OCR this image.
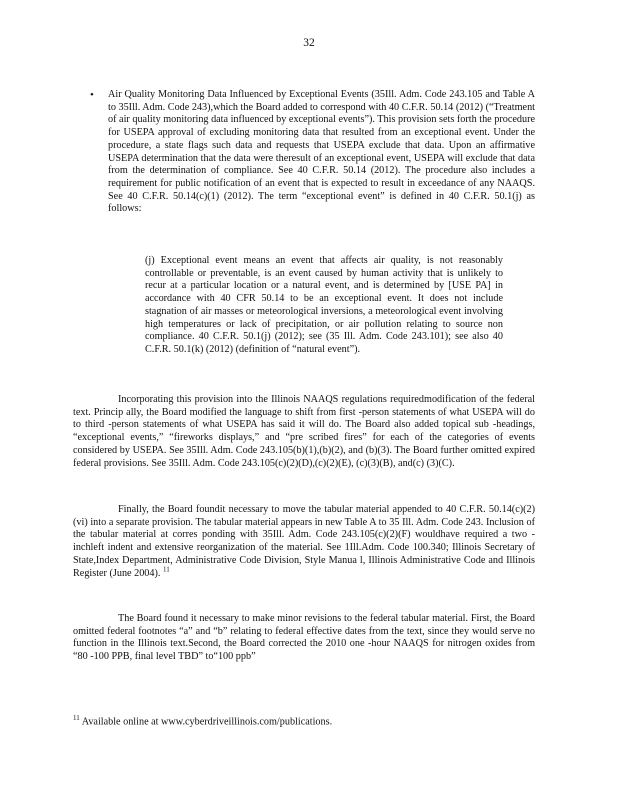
32
• Air Quality Monitoring Data Influenced by Exceptional Events (35Ill. Adm. Code 243.105 and Table A to 35Ill. Adm. Code 243),which the Board added to correspond with 40 C.F.R. 50.14 (2012) (“Treatment of air quality monitoring data influenced by exceptional events”). This provision sets forth the procedure for USEPA approval of excluding monitoring data that resulted from an exceptional event. Under the procedure, a state flags such data and requests that USEPA exclude that data. Upon an affirmative USEPA determination that the data were theresult of an exceptional event, USEPA will exclude that data from the determination of compliance. See 40 C.F.R. 50.14 (2012). The procedure also includes a requirement for public notification of an event that is expected to result in exceedance of any NAAQS. See 40 C.F.R. 50.14(c)(1) (2012). The term “exceptional event” is defined in 40 C.F.R. 50.1(j) as follows:
(j) Exceptional event means an event that affects air quality, is not reasonably controllable or preventable, is an event caused by human activity that is unlikely to recur at a particular location or a natural event, and is determined by [USE PA] in accordance with 40 CFR 50.14 to be an exceptional event. It does not include stagnation of air masses or meteorological inversions, a meteorological event involving high temperatures or lack of precipitation, or air pollution relating to source non compliance. 40 C.F.R. 50.1(j) (2012); see (35 Ill. Adm. Code 243.101); see also 40 C.F.R. 50.1(k) (2012) (definition of “natural event”).
Incorporating this provision into the Illinois NAAQS regulations requiredmodification of the federal text. Princip ally, the Board modified the language to shift from first -person statements of what USEPA will do to third -person statements of what USEPA has said it will do. The Board also added topical sub -headings, “exceptional events,” “fireworks displays,” and “pre scribed fires” for each of the categories of events considered by USEPA. See 35Ill. Adm. Code 243.105(b)(1),(b)(2), and (b)(3). The Board further omitted expired federal provisions. See 35Ill. Adm. Code 243.105(c)(2)(D),(c)(2)(E), (c)(3)(B), and(c) (3)(C).
Finally, the Board foundit necessary to move the tabular material appended to 40 C.F.R. 50.14(c)(2)(vi) into a separate provision. The tabular material appears in new Table A to 35 Ill. Adm. Code 243. Inclusion of the tabular material at corres ponding with 35Ill. Adm. Code 243.105(c)(2)(F) wouldhave required a two -inchleft indent and extensive reorganization of the material. See 1Ill.Adm. Code 100.340; Illinois Secretary of State,Index Department, Administrative Code Division, Style Manua l, Illinois Administrative Code and Illinois Register (June 2004). $^{11}$
The Board found it necessary to make minor revisions to the federal tabular material. First, the Board omitted federal footnotes “a” and “b” relating to federal effective dates from the text, since they would serve no function in the Illinois text.Second, the Board corrected the 2010 one -hour NAAQS for nitrogen oxides from “80 -100 PPB, final level TBD” to“100 ppb”
$^{11}$ Available online at www.cyberdriveillinois.com/publications.
